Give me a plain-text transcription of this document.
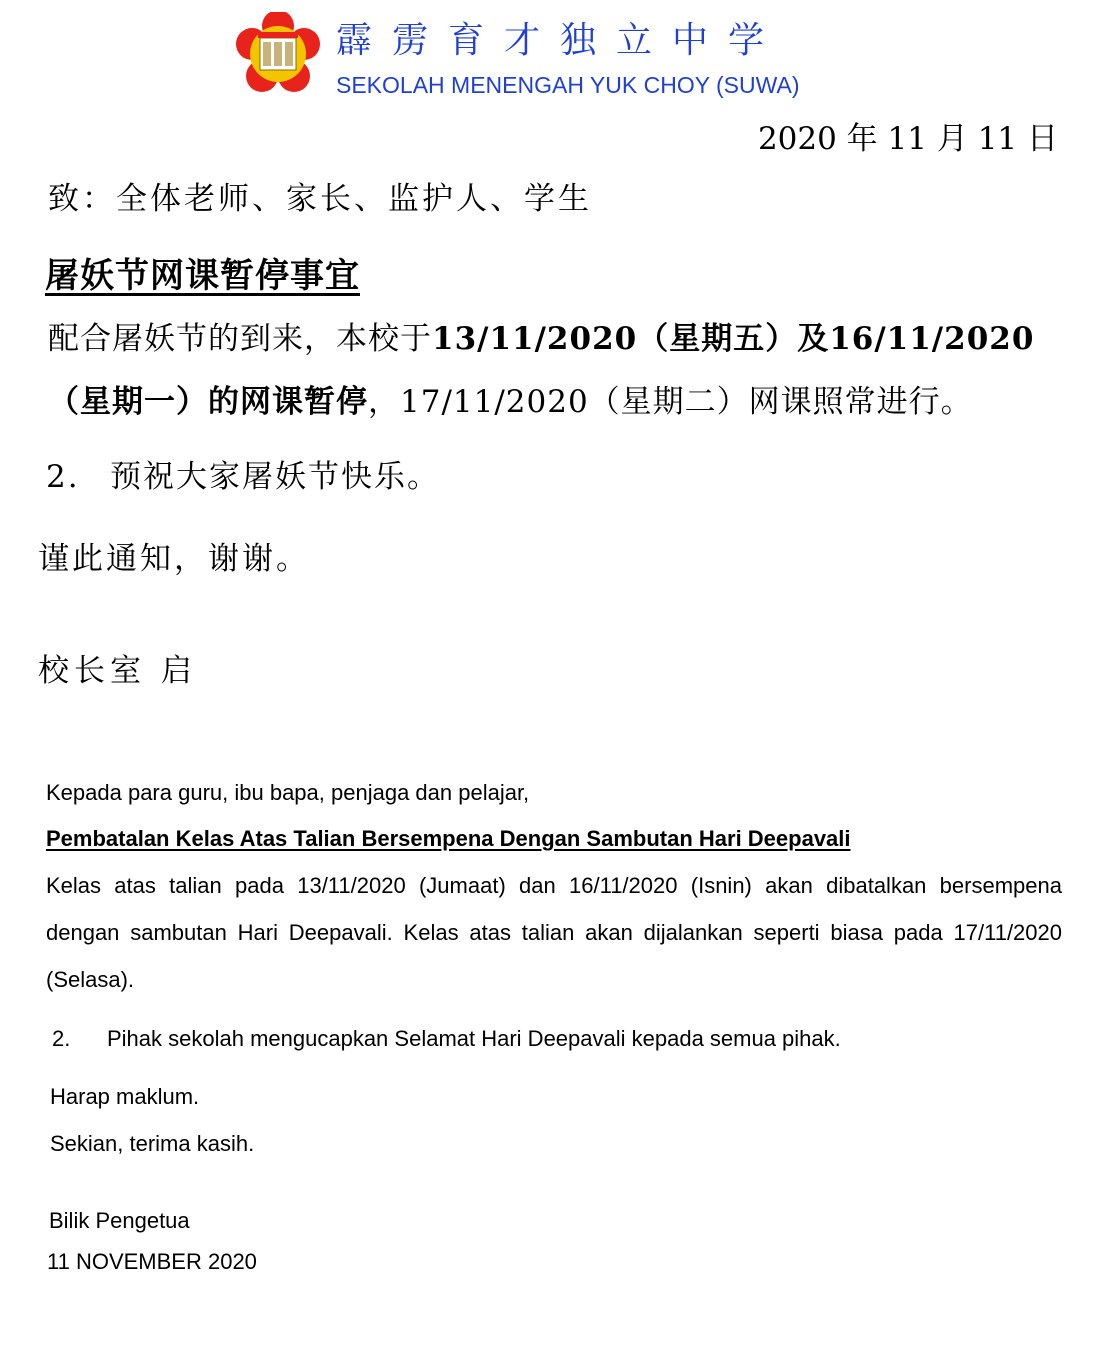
霹雳育才独立中学
SEKOLAH MENENGAH YUK CHOY (SUWA)
2020 年 11 月 11 日
致：全体老师、家长、监护人、学生
屠妖节网课暂停事宜
配合屠妖节的到来，本校于13/11/2020（星期五）及16/11/2020
（星期一）的网课暂停，17/11/2020（星期二）网课照常进行。
2. 预祝大家屠妖节快乐。
谨此通知，谢谢。
校长室 启
Kepada para guru, ibu bapa, penjaga dan pelajar,
Pembatalan Kelas Atas Talian Bersempena Dengan Sambutan Hari Deepavali
Kelas atas talian pada 13/11/2020 (Jumaat) dan 16/11/2020 (Isnin) akan dibatalkan bersempena dengan sambutan Hari Deepavali. Kelas atas talian akan dijalankan seperti biasa pada 17/11/2020 (Selasa).
2. Pihak sekolah mengucapkan Selamat Hari Deepavali kepada semua pihak.
Harap maklum.
Sekian, terima kasih.
Bilik Pengetua
11 NOVEMBER 2020
